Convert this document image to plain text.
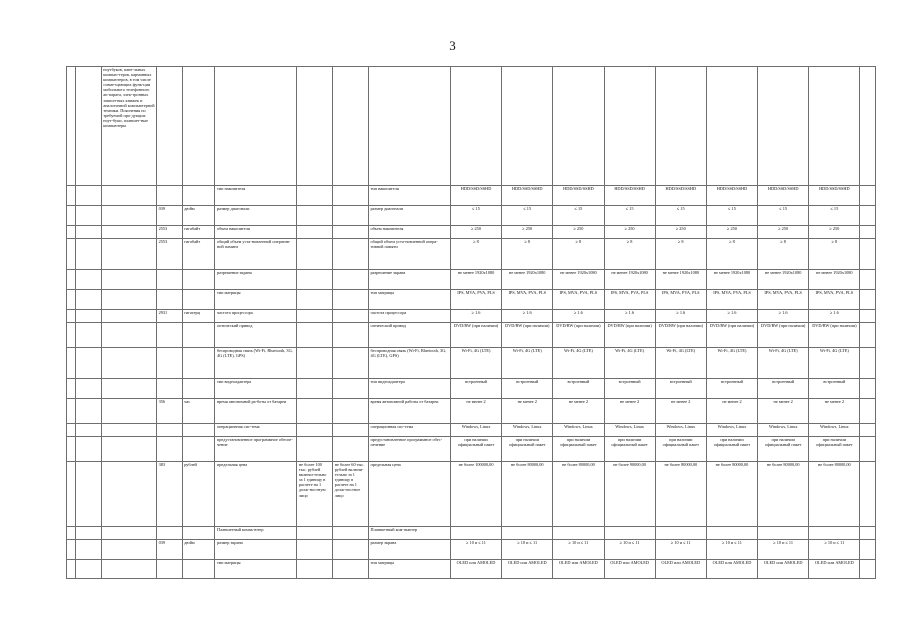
3
		ноутбуков, пане-льных компью-теров, карманных компьютеров, в том числе совме-щающих функ-ции мобильного телефонного ап-парата, элек-тронных записн-ных книжек и аналогичной компьютерной техники. Пояснения по требуемой про-дукции: ноут-буки, планшет-ные компьютеры															
					тип накопителя			тип накопителя	HDD/SSD/SSHD	HDD/SSD/SSHD	HDD/SSD/SSHD	HDD/SSD/SSHD	HDD/SSD/SSHD	HDD/SSD/SSHD	HDD/SSD/SSHD	HDD/SSD/SSHD	
			039	дюйм	размер диагонали			размер диагонали	≤ 15	≤ 15	≤ 15	≤ 15	≤ 15	≤ 15	≤ 15	≤ 15	
			2553	гигабайт	объем накопителя			объем накопителя	≥ 250	≥ 250	≥ 250	≥ 250	≥ 250	≥ 250	≥ 250	≥ 250	
			2553	гигабайт	общий объем уста-новленной оператив-ной памяти			общий объем уста-новленной опера-тивной памяти	≥ 8	≥ 8	≥ 8	≥ 8	≥ 8	≥ 8	≥ 8	≥ 8	
					разрешение экрана			разрешение экрана	не менее 1920x1080	не менее 1920x1080	не менее 1920x1080	не менее 1920x1080	не менее 1920x1080	не менее 1920x1080	не менее 1920x1080	не менее 1920x1080	
					тип матрицы			тип матрицы	IPS, MVA, PVA, PLS	IPS, MVA, PVA, PLS	IPS, MVA, PVA, PLS	IPS, MVA, PVA, PLS	IPS, MVA, PVA, PLS	IPS, MVA, PVA, PLS	IPS, MVA, PVA, PLS	IPS, MVA, PVA, PLS	
			2931	гигагерц	частота процессора			частота процессора	≥ 1.6	≥ 1.6	≥ 1.6	≥ 1.6	≥ 1.6	≥ 1.6	≥ 1.6	≥ 1.6	
					оптический привод			оптический привод	DVD/RW (при наличии)	DVD/RW (при наличии)	DVD/RW (при наличии)	DVD/RW (при наличии)	DVD/RW (при наличии)	DVD/RW (при наличии)	DVD/RW (при наличии)	DVD/RW (при наличии)	
					беспроводная связь (Wi-Fi, Bluetooth, 3G, 4G (LTE), GPS)			беспроводная связь (Wi-Fi, Bluetooth, 3G, 4G (LTE), GPS)	Wi-Fi, 4G (LTE)	Wi-Fi, 4G (LTE)	Wi-Fi, 4G (LTE)	Wi-Fi, 4G (LTE)	Wi-Fi, 4G (LTE)	Wi-Fi, 4G (LTE)	Wi-Fi, 4G (LTE)	Wi-Fi, 4G (LTE)	
					тип видеоадаптера			тип видеоадаптера	встроенный	встроенный	встроенный	встроенный	встроенный	встроенный	встроенный	встроенный	
			356	час	время автономной ра-боты от батареи			время автономной работы от батареи	не менее 2	не менее 2	не менее 2	не менее 2	не менее 2	не менее 2	не менее 2	не менее 2	
					операционная сис-тема			операционная сис-тема	Windows, Linux	Windows, Linux	Windows, Linux	Windows, Linux	Windows, Linux	Windows, Linux	Windows, Linux	Windows, Linux	
					предустановленное программное обеспе-чение			предустановленное программное обес-печение	при наличии официальный пакет	при наличии официальный пакет	при наличии официальный пакет	при наличии официальный пакет	при наличии официальный пакет	при наличии официальный пакет	при наличии официальный пакет	при наличии официальный пакет	
			383	рублей	предельная цена	не более 100 тыс. рублей включи-тельно за 1 единицу в расчете на 1 долж-ностную лицо	не более 60 тыс. рублей включи-тельно за 1 единицу в расчете на 1 долж-ностное лицо	предельная цена	не более 100000,00	не более 80000,00	не более 80000,00	не более 90000,00	не более 80000,00	не более 80000,00	не более 80000,00	не более 80000,00	
					Планшетный компь-ютер			Планшетный ком-пьютер									
			039	дюйм	размер экрана			размер экрана	≥ 10 и ≤ 11	≥ 10 и ≤ 11	≥ 10 и ≤ 11	≥ 10 и ≤ 11	≥ 10 и ≤ 11	≥ 10 и ≤ 11	≥ 10 и ≤ 11	≥ 10 и ≤ 11	
					тип матрицы			тип матрицы	OLED или AMOLED	OLED или AMOLED	OLED или AMOLED	OLED или AMOLED	OLED или AMOLED	OLED или AMOLED	OLED или AMOLED	OLED или AMOLED	
